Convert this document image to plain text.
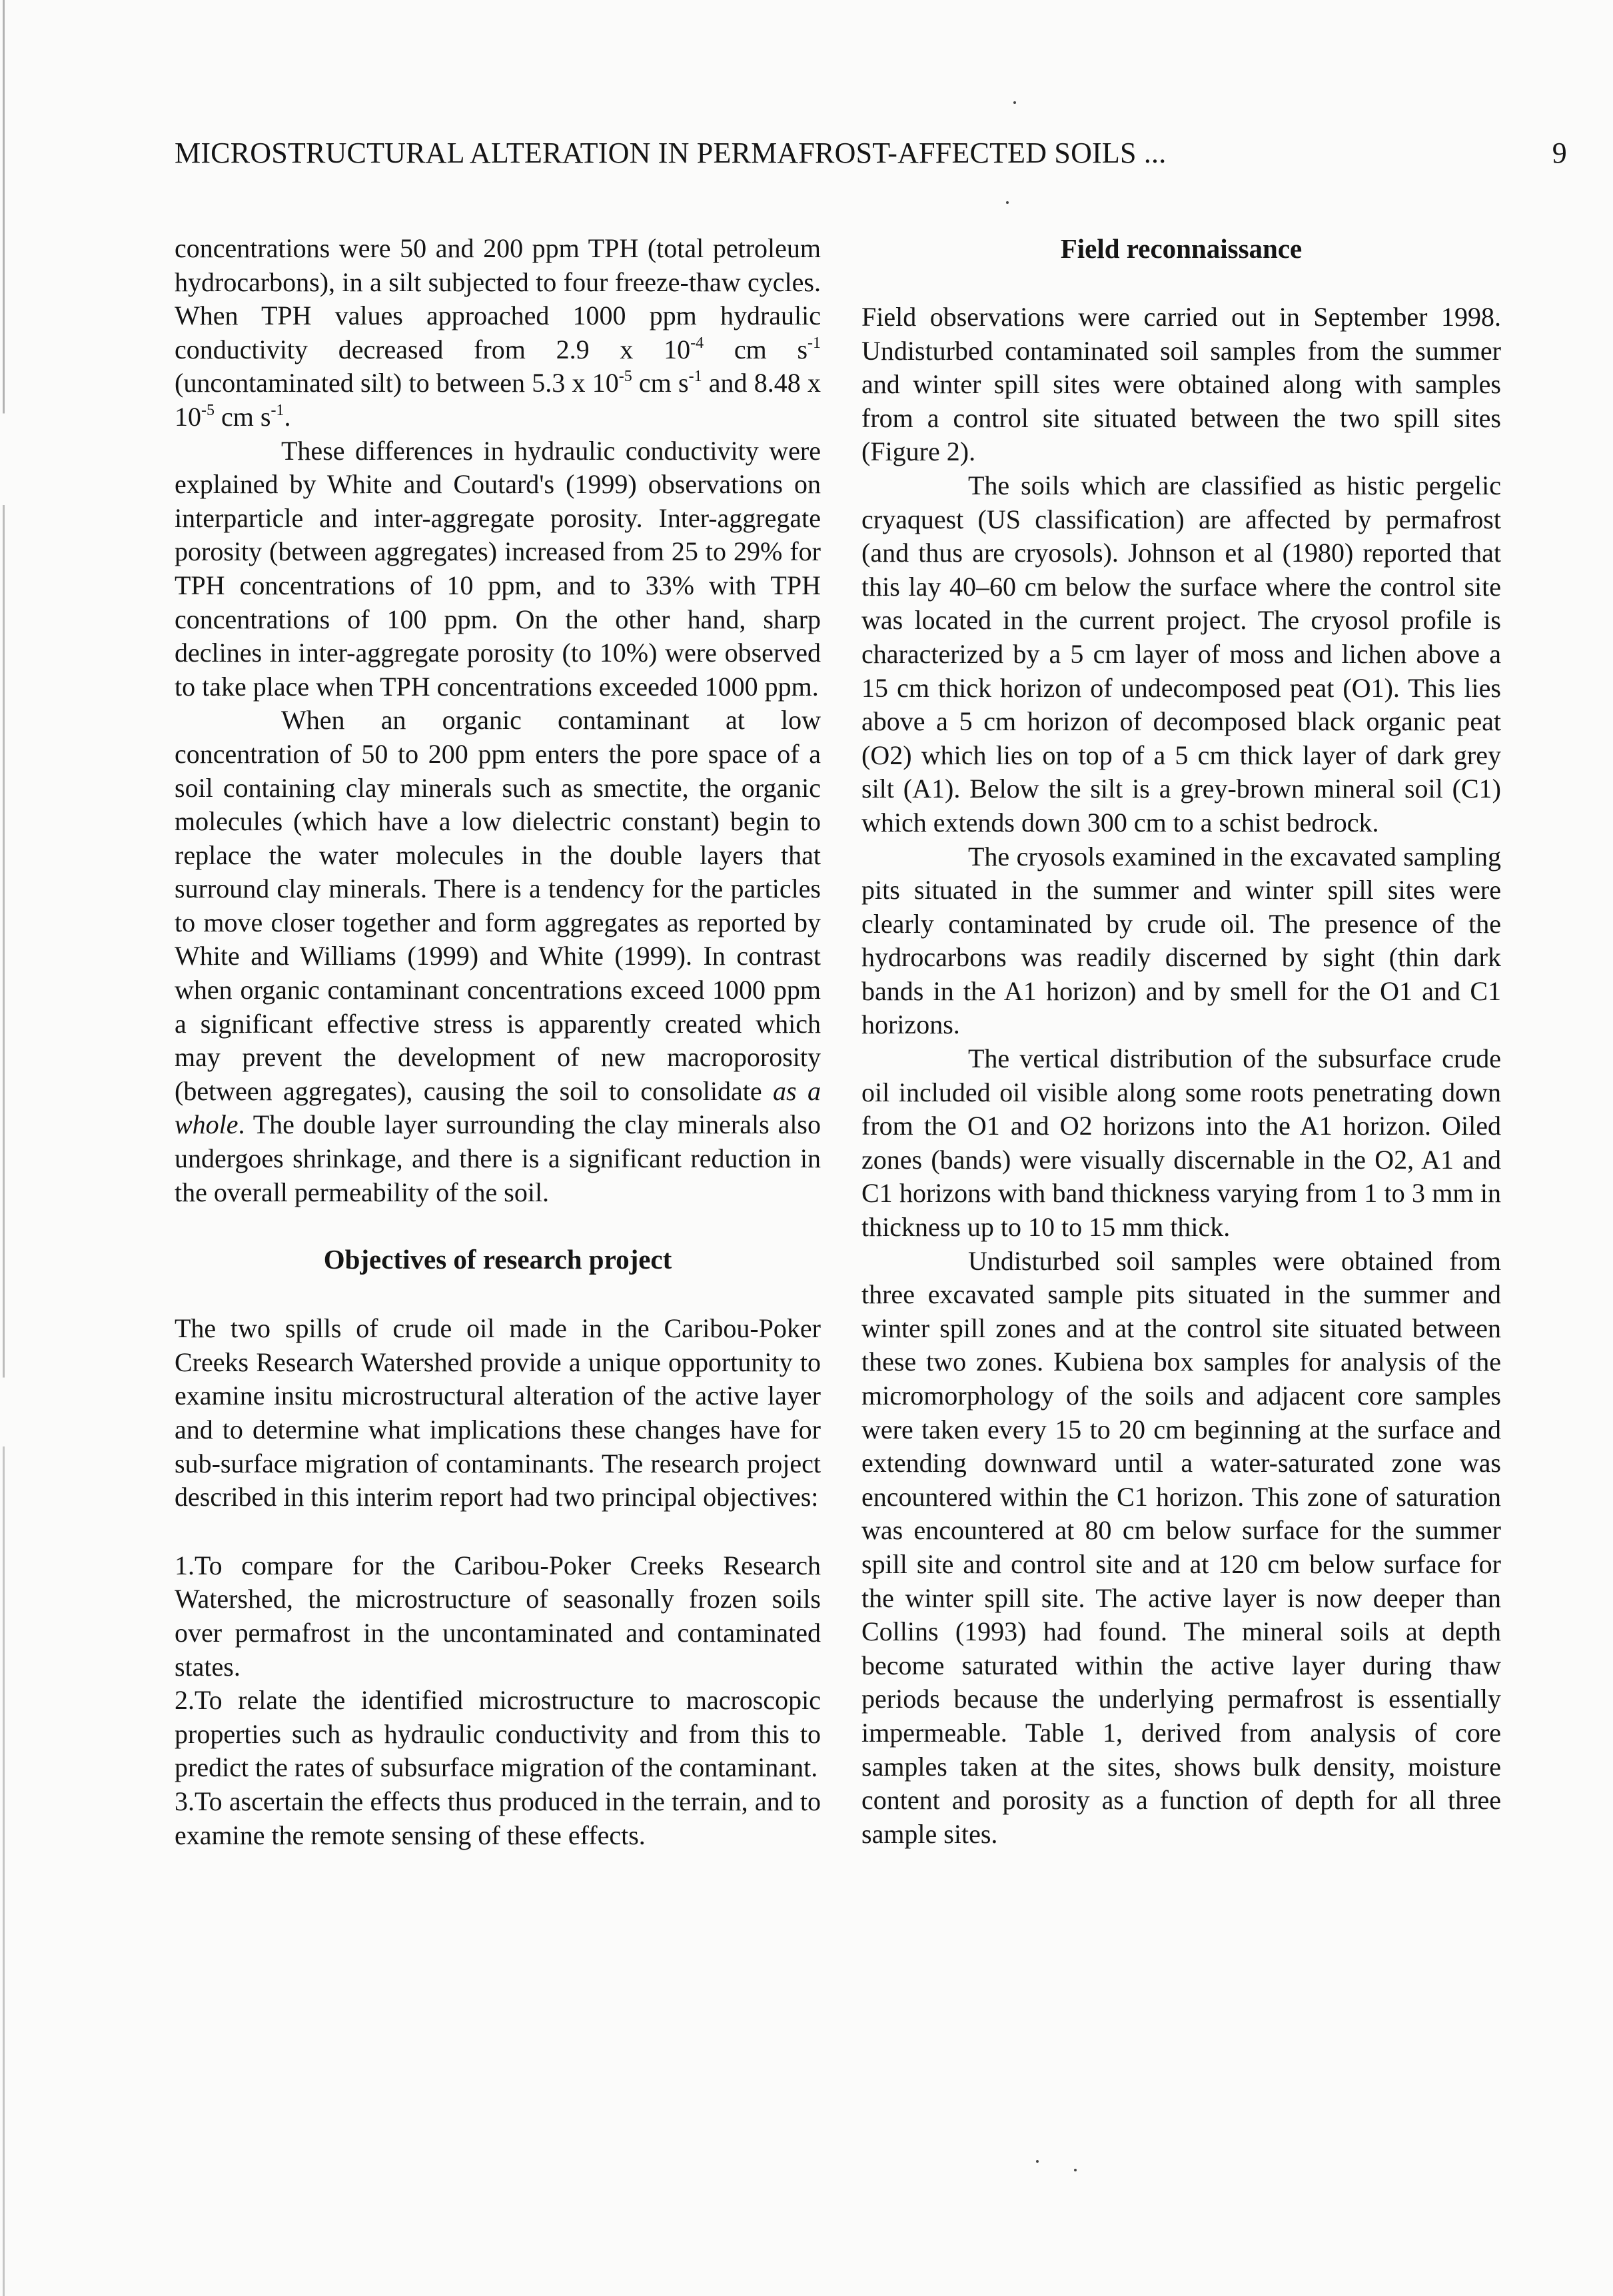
MICROSTRUCTURAL ALTERATION IN PERMAFROST-AFFECTED SOILS ...	9

concentrations were 50 and 200 ppm TPH (total petroleum hydrocarbons), in a silt subjected to four freeze-thaw cycles. When TPH values approached 1000 ppm hydraulic conductivity decreased from 2.9 x $10^{-4}$ cm $s^{-1}$ (uncontaminated silt) to between 5.3 x $10^{-5}$ cm $s^{-1}$ and 8.48 x $10^{-5}$ cm $s^{-1}$.

These differences in hydraulic conductivity were explained by White and Coutard's (1999) observations on interparticle and inter-aggregate porosity. Inter-aggregate porosity (between aggregates) increased from 25 to 29% for TPH concentrations of 10 ppm, and to 33% with TPH concentrations of 100 ppm. On the other hand, sharp declines in inter-aggregate porosity (to 10%) were observed to take place when TPH concentrations exceeded 1000 ppm.

When an organic contaminant at low concentration of 50 to 200 ppm enters the pore space of a soil containing clay minerals such as smectite, the organic molecules (which have a low dielectric constant) begin to replace the water molecules in the double layers that surround clay minerals. There is a tendency for the particles to move closer together and form aggregates as reported by White and Williams (1999) and White (1999). In contrast when organic contaminant concentrations exceed 1000 ppm a significant effective stress is apparently created which may prevent the development of new macroporosity (between aggregates), causing the soil to consolidate as a whole. The double layer surrounding the clay minerals also undergoes shrinkage, and there is a significant reduction in the overall permeability of the soil.

Objectives of research project

The two spills of crude oil made in the Caribou-Poker Creeks Research Watershed provide a unique opportunity to examine insitu microstructural alteration of the active layer and to determine what implications these changes have for sub-surface migration of contaminants. The research project described in this interim report had two principal objectives:

1.To compare for the Caribou-Poker Creeks Research Watershed, the microstructure of seasonally frozen soils over permafrost in the uncontaminated and contaminated states.

2.To relate the identified microstructure to macroscopic properties such as hydraulic conductivity and from this to predict the rates of subsurface migration of the contaminant.

3.To ascertain the effects thus produced in the terrain, and to examine the remote sensing of these effects.

Field reconnaissance

Field observations were carried out in September 1998. Undisturbed contaminated soil samples from the summer and winter spill sites were obtained along with samples from a control site situated between the two spill sites (Figure 2).

The soils which are classified as histic pergelic cryaquest (US classification) are affected by permafrost (and thus are cryosols). Johnson et al (1980) reported that this lay 40–60 cm below the surface where the control site was located in the current project. The cryosol profile is characterized by a 5 cm layer of moss and lichen above a 15 cm thick horizon of undecomposed peat (O1). This lies above a 5 cm horizon of decomposed black organic peat (O2) which lies on top of a 5 cm thick layer of dark grey silt (A1). Below the silt is a grey-brown mineral soil (C1) which extends down 300 cm to a schist bedrock.

The cryosols examined in the excavated sampling pits situated in the summer and winter spill sites were clearly contaminated by crude oil. The presence of the hydrocarbons was readily discerned by sight (thin dark bands in the A1 horizon) and by smell for the O1 and C1 horizons.

The vertical distribution of the subsurface crude oil included oil visible along some roots penetrating down from the O1 and O2 horizons into the A1 horizon. Oiled zones (bands) were visually discernable in the O2, A1 and C1 horizons with band thickness varying from 1 to 3 mm in thickness up to 10 to 15 mm thick.

Undisturbed soil samples were obtained from three excavated sample pits situated in the summer and winter spill zones and at the control site situated between these two zones. Kubiena box samples for analysis of the micromorphology of the soils and adjacent core samples were taken every 15 to 20 cm beginning at the surface and extending downward until a water-saturated zone was encountered within the C1 horizon. This zone of saturation was encountered at 80 cm below surface for the summer spill site and control site and at 120 cm below surface for the winter spill site. The active layer is now deeper than Collins (1993) had found. The mineral soils at depth become saturated within the active layer during thaw periods because the underlying permafrost is essentially impermeable. Table 1, derived from analysis of core samples taken at the sites, shows bulk density, moisture content and porosity as a function of depth for all three sample sites.
